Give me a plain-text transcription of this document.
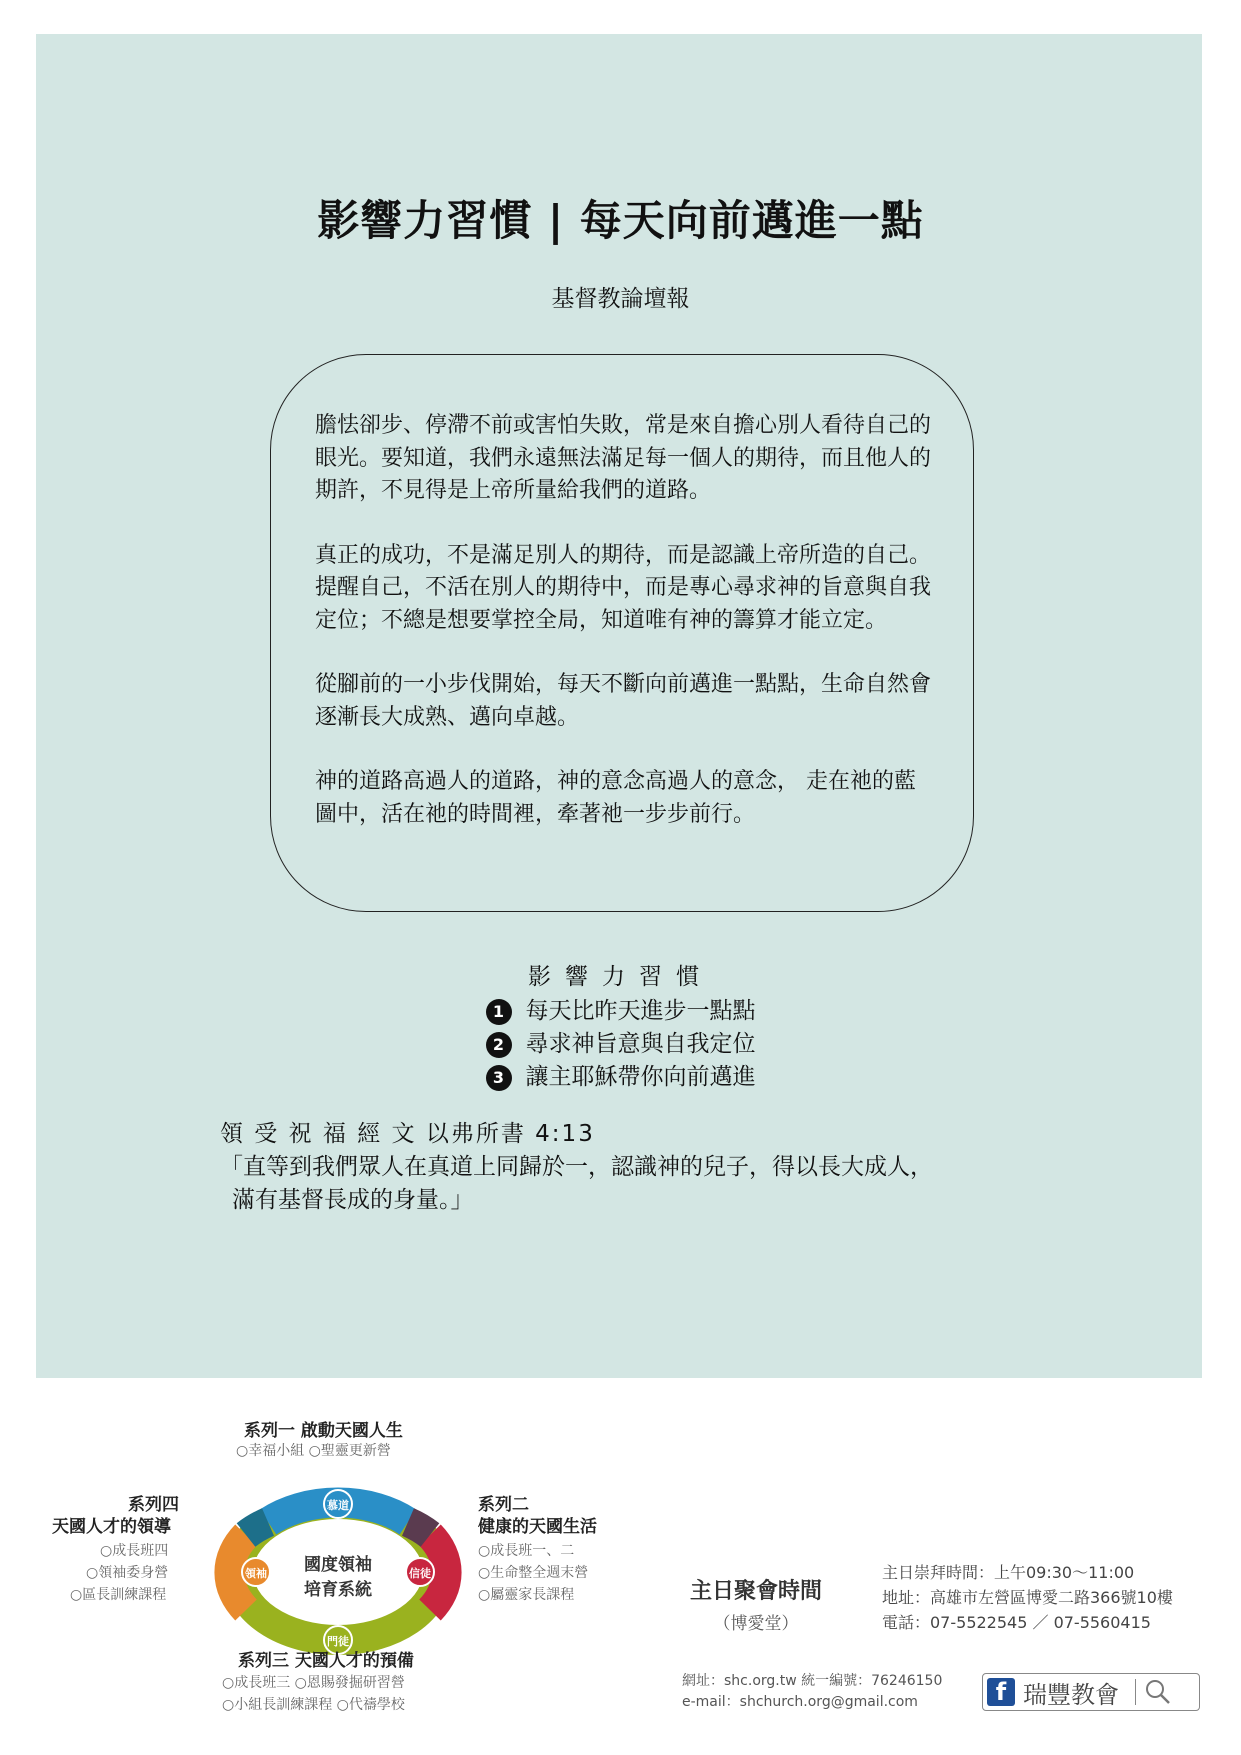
影響力習慣 | 每天向前邁進一點
基督教論壇報

膽怯卻步、停滯不前或害怕失敗，常是來自擔心別人看待自己的眼光。要知道，我們永遠無法滿足每一個人的期待，而且他人的期許，不見得是上帝所量給我們的道路。

真正的成功，不是滿足別人的期待，而是認識上帝所造的自己。提醒自己，不活在別人的期待中，而是專心尋求神的旨意與自我定位；不總是想要掌控全局，知道唯有神的籌算才能立定。

從腳前的一小步伐開始，每天不斷向前邁進一點點，生命自然會逐漸長大成熟、邁向卓越。

神的道路高過人的道路，神的意念高過人的意念， 走在祂的藍圖中，活在祂的時間裡，牽著祂一步步前行。

影響力習慣
1 每天比昨天進步一點點
2 尋求神旨意與自我定位
3 讓主耶穌帶你向前邁進
領 受 祝 福 經 文 以弗所書 4:13
「直等到我們眾人在真道上同歸於一，認識神的兒子，得以長大成人，
滿有基督長成的身量。」
慕道
信徒
門徒
領袖	國度領袖
培育系統
系列一 啟動天國人生
○幸福小組 ○聖靈更新營
系列二
健康的天國生活
○成長班一、二
○生命整全週末營
○屬靈家長課程
系列三 天國人才的預備
○成長班三 ○恩賜發掘研習營
○小組長訓練課程 ○代禱學校
系列四
天國人才的領導
○成長班四
○領袖委身營
○區長訓練課程	主日聚會時間
（博愛堂）
主日崇拜時間：上午09:30～11:00
地址：高雄市左營區博愛二路366號10樓
電話：07-5522545 ／ 07-5560415
網址：shc.org.tw 統一編號：76246150
e-mail：shchurch.org@gmail.com	f 瑞豐教會
